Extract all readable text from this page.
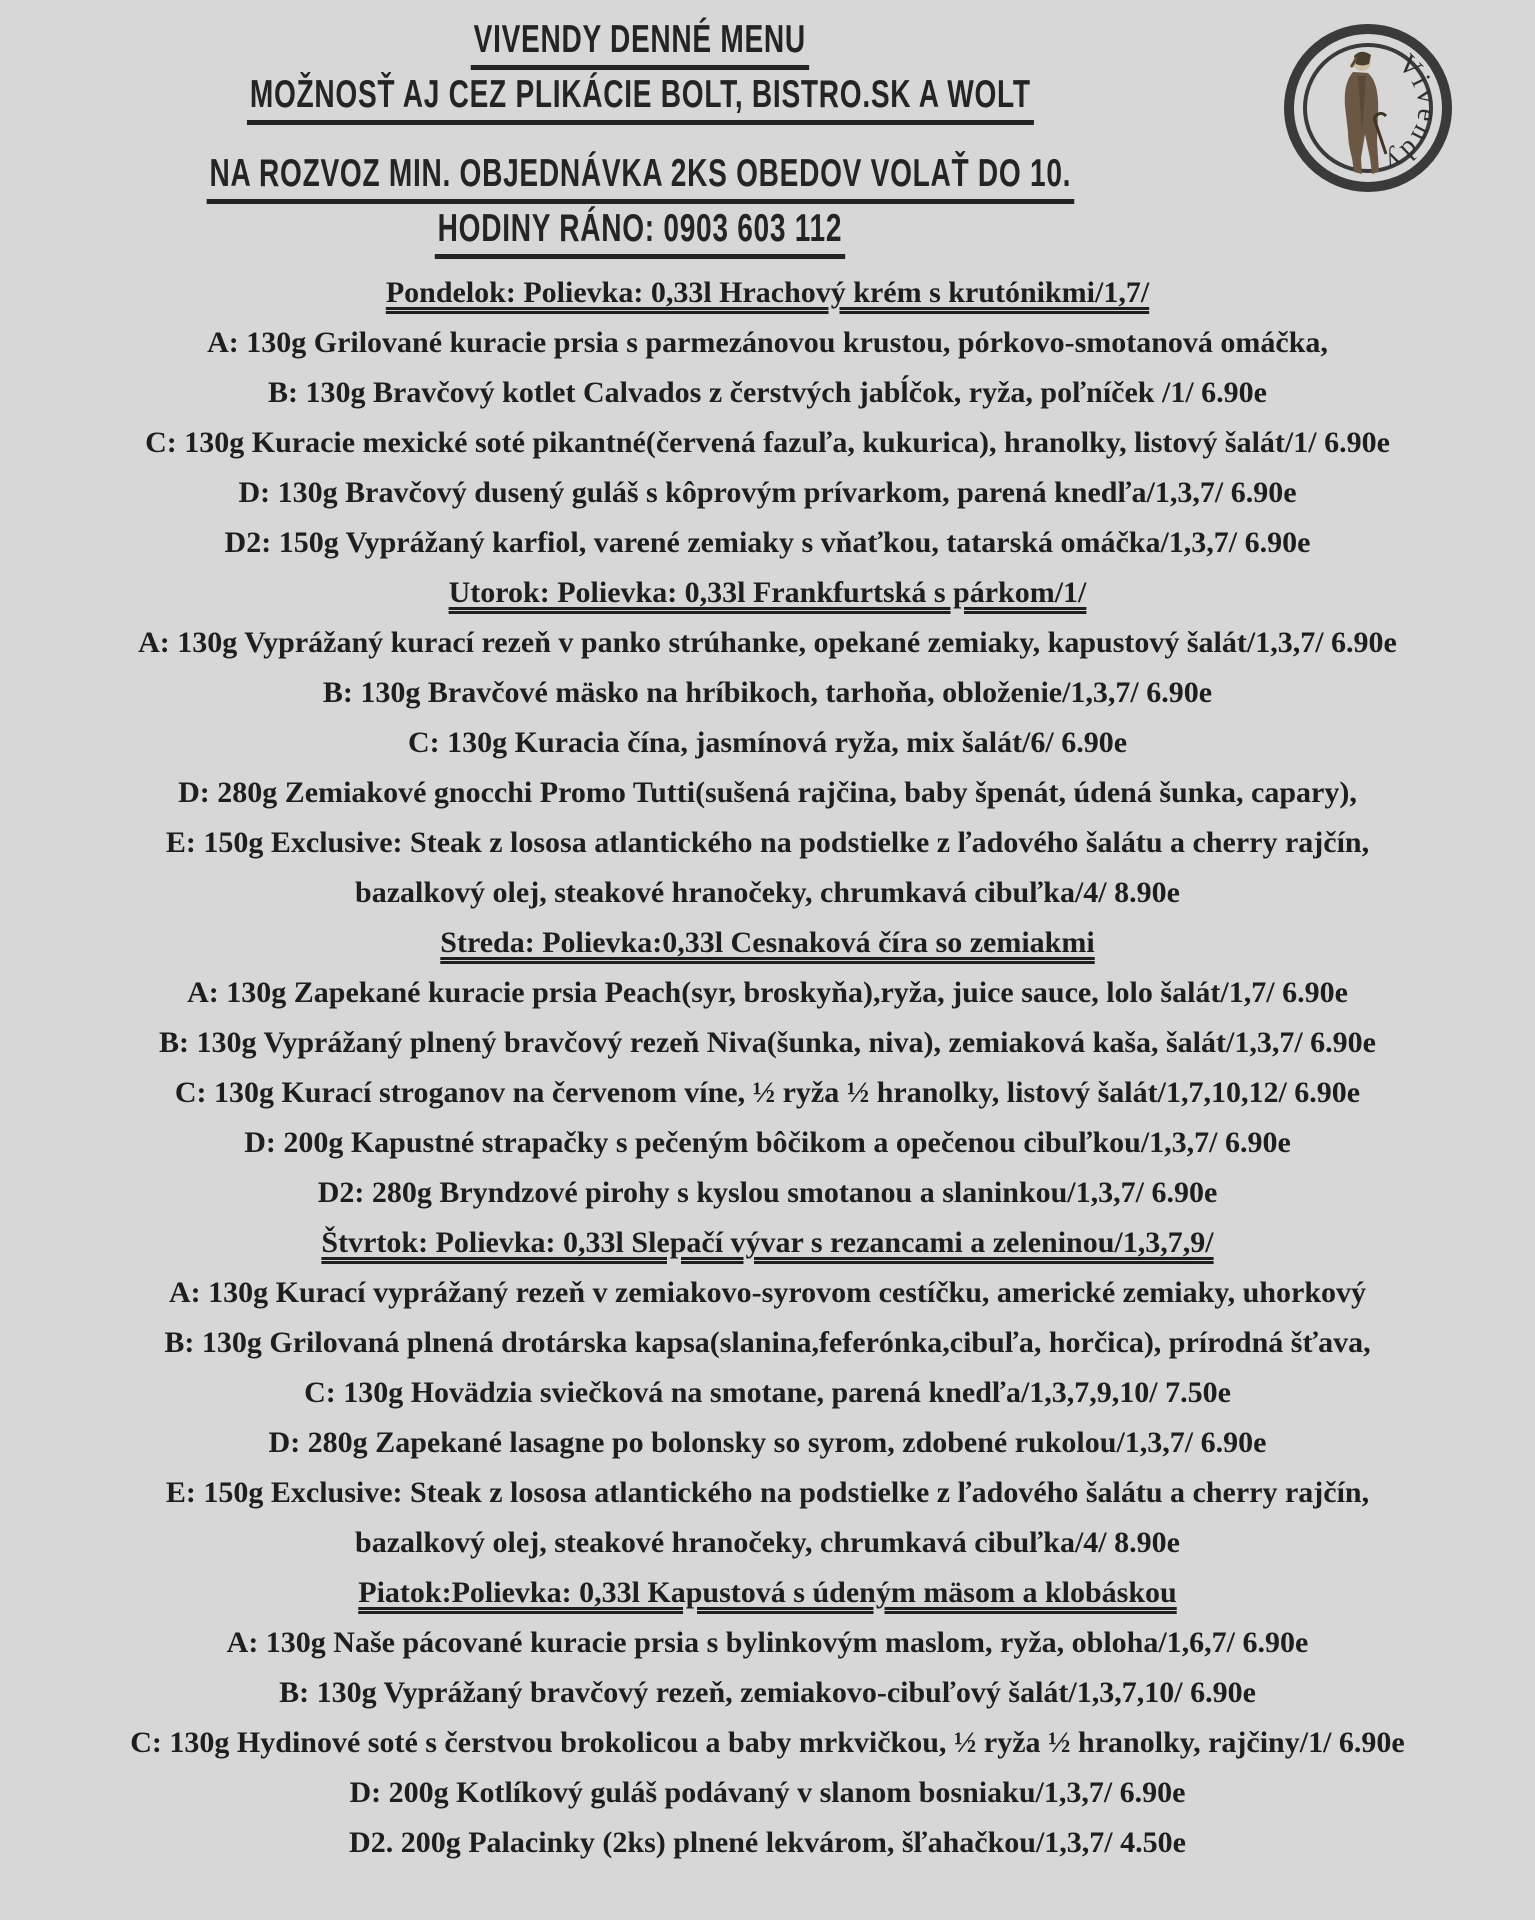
VIVENDY DENNÉ MENU
MOŽNOSŤ AJ CEZ PLIKÁCIE BOLT, BISTRO.SK A WOLT
NA ROZVOZ MIN. OBJEDNÁVKA 2KS OBEDOV VOLAŤ DO 10.
HODINY RÁNO: 0903 603 112
Vivendy
Pondelok: Polievka: 0,33l Hrachový krém s krutónikmi/1,7/
A: 130g Grilované kuracie prsia s parmezánovou krustou, pórkovo-smotanová omáčka,
B: 130g Bravčový kotlet Calvados z čerstvých jabĺčok, ryža, poľníček /1/ 6.90e
C: 130g Kuracie mexické soté pikantné(červená fazuľa, kukurica), hranolky, listový šalát/1/ 6.90e
D: 130g Bravčový dusený guláš s kôprovým prívarkom, parená knedľa/1,3,7/ 6.90e
D2: 150g Vyprážaný karfiol, varené zemiaky s vňaťkou, tatarská omáčka/1,3,7/ 6.90e
Utorok: Polievka: 0,33l Frankfurtská s párkom/1/
A: 130g Vyprážaný kurací rezeň v panko strúhanke, opekané zemiaky, kapustový šalát/1,3,7/ 6.90e
B: 130g Bravčové mäsko na hríbikoch, tarhoňa, obloženie/1,3,7/ 6.90e
C: 130g Kuracia čína, jasmínová ryža, mix šalát/6/ 6.90e
D: 280g Zemiakové gnocchi Promo Tutti(sušená rajčina, baby špenát, údená šunka, capary),
E: 150g Exclusive: Steak z lososa atlantického na podstielke z ľadového šalátu a cherry rajčín,
bazalkový olej, steakové hranočeky, chrumkavá cibuľka/4/ 8.90e
Streda: Polievka:0,33l Cesnaková číra so zemiakmi
A: 130g Zapekané kuracie prsia Peach(syr, broskyňa),ryža, juice sauce, lolo šalát/1,7/ 6.90e
B: 130g Vyprážaný plnený bravčový rezeň Niva(šunka, niva), zemiaková kaša, šalát/1,3,7/ 6.90e
C: 130g Kurací stroganov na červenom víne, ½ ryža ½ hranolky, listový šalát/1,7,10,12/ 6.90e
D: 200g Kapustné strapačky s pečeným bôčikom a opečenou cibuľkou/1,3,7/ 6.90e
D2: 280g Bryndzové pirohy s kyslou smotanou a slaninkou/1,3,7/ 6.90e
Štvrtok: Polievka: 0,33l Slepačí vývar s rezancami a zeleninou/1,3,7,9/
A: 130g Kurací vyprážaný rezeň v zemiakovo-syrovom cestíčku, americké zemiaky, uhorkový
B: 130g Grilovaná plnená drotárska kapsa(slanina,feferónka,cibuľa, horčica), prírodná šťava,
C: 130g Hovädzia sviečková na smotane, parená knedľa/1,3,7,9,10/ 7.50e
D: 280g Zapekané lasagne po bolonsky so syrom, zdobené rukolou/1,3,7/ 6.90e
E: 150g Exclusive: Steak z lososa atlantického na podstielke z ľadového šalátu a cherry rajčín,
bazalkový olej, steakové hranočeky, chrumkavá cibuľka/4/ 8.90e
Piatok:Polievka: 0,33l Kapustová s údeným mäsom a klobáskou
A: 130g Naše pácované kuracie prsia s bylinkovým maslom, ryža, obloha/1,6,7/ 6.90e
B: 130g Vyprážaný bravčový rezeň, zemiakovo-cibuľový šalát/1,3,7,10/ 6.90e
C: 130g Hydinové soté s čerstvou brokolicou a baby mrkvičkou, ½ ryža ½ hranolky, rajčiny/1/ 6.90e
D: 200g Kotlíkový guláš podávaný v slanom bosniaku/1,3,7/ 6.90e
D2. 200g Palacinky (2ks) plnené lekvárom, šľahačkou/1,3,7/ 4.50e
